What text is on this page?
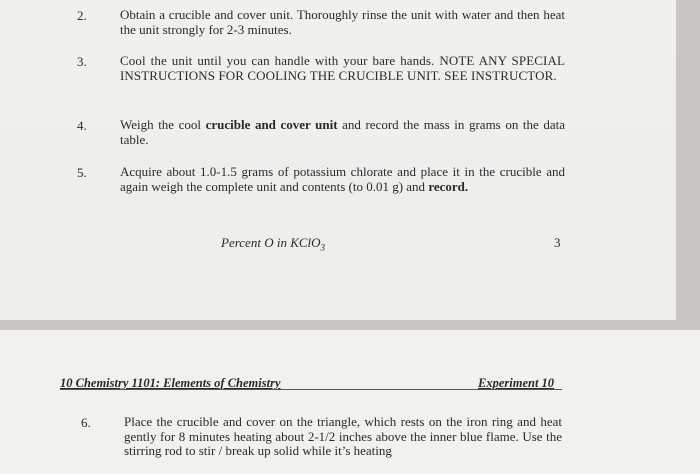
2.	Obtain a crucible and cover unit. Thoroughly rinse the unit with water and then heat the unit strongly for 2-3 minutes.
3.	Cool the unit until you can handle with your bare hands. NOTE ANY SPECIAL INSTRUCTIONS FOR COOLING THE CRUCIBLE UNIT. SEE INSTRUCTOR.
4.	Weigh the cool crucible and cover unit and record the mass in grams on the data table.
5.	Acquire about 1.0-1.5 grams of potassium chlorate and place it in the crucible and again weigh the complete unit and contents (to 0.01 g) and record.
Percent O in KClO$_3$	3
10 Chemistry 1101: Elements of Chemistry	Experiment 10
6.	Place the crucible and cover on the triangle, which rests on the iron ring and heat gently for 8 minutes heating about 2-1/2 inches above the inner blue flame. Use the stirring rod to stir / break up solid while it’s heating
